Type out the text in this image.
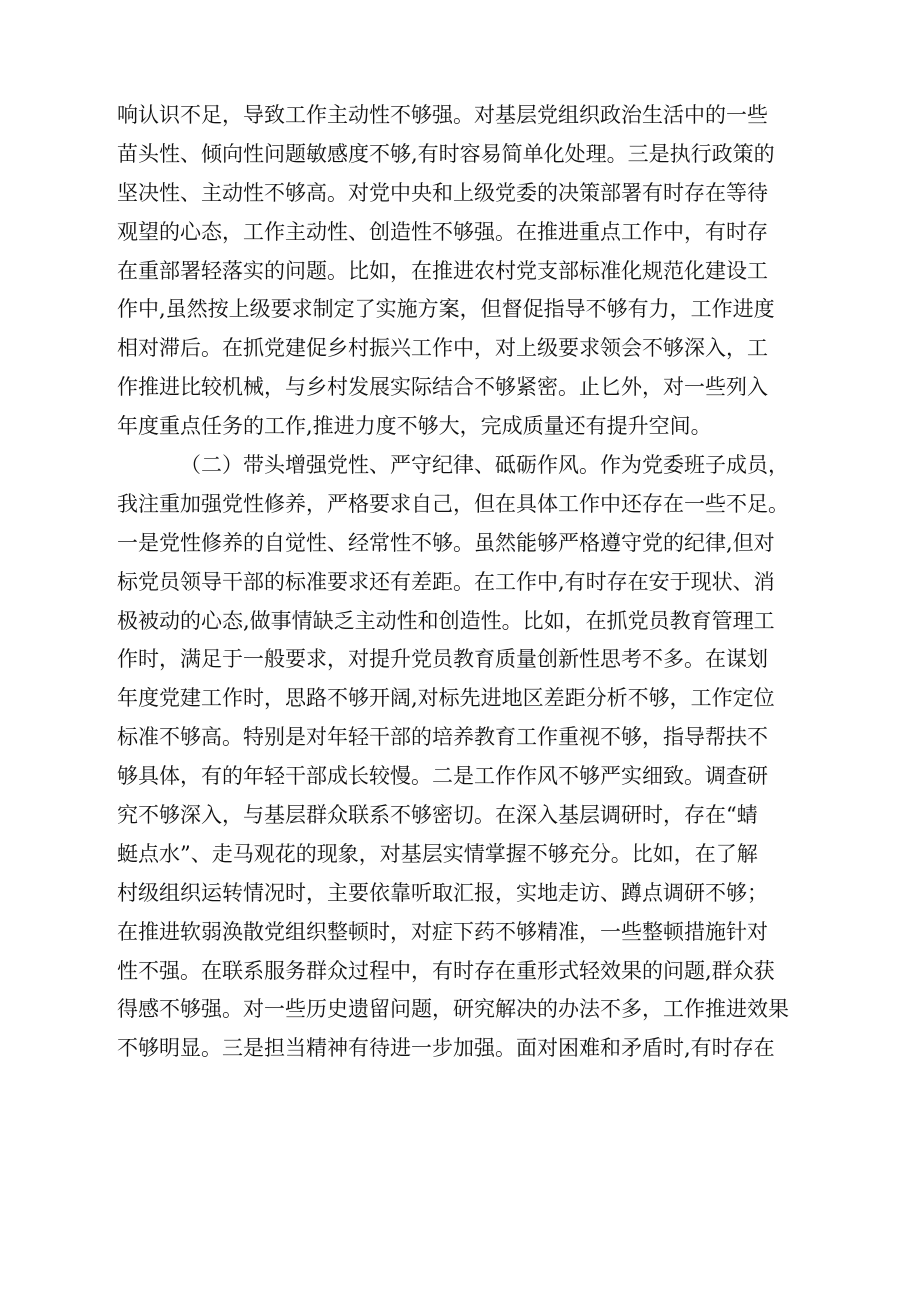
响认识不足，导致工作主动性不够强。对基层党组织政治生活中的一些
苗头性、倾向性问题敏感度不够,有时容易简单化处理。三是执行政策的
坚决性、主动性不够高。对党中央和上级党委的决策部署有时存在等待
观望的心态，工作主动性、创造性不够强。在推进重点工作中，有时存
在重部署轻落实的问题。比如，在推进农村党支部标准化规范化建设工
作中,虽然按上级要求制定了实施方案，但督促指导不够有力，工作进度
相对滞后。在抓党建促乡村振兴工作中，对上级要求领会不够深入，工
作推进比较机械，与乡村发展实际结合不够紧密。止匕外，对一些列入
年度重点任务的工作,推进力度不够大，完成质量还有提升空间。
（二）带头增强党性、严守纪律、砥砺作风。作为党委班子成员，
我注重加强党性修养，严格要求自己，但在具体工作中还存在一些不足。
一是党性修养的自觉性、经常性不够。虽然能够严格遵守党的纪律,但对
标党员领导干部的标准要求还有差距。在工作中,有时存在安于现状、消
极被动的心态,做事情缺乏主动性和创造性。比如，在抓党员教育管理工
作时，满足于一般要求，对提升党员教育质量创新性思考不多。在谋划
年度党建工作时，思路不够开阔,对标先进地区差距分析不够，工作定位
标准不够高。特别是对年轻干部的培养教育工作重视不够，指导帮扶不
够具体，有的年轻干部成长较慢。二是工作作风不够严实细致。调查研
究不够深入，与基层群众联系不够密切。在深入基层调研时，存在“蜻
蜓点水”、走马观花的现象，对基层实情掌握不够充分。比如，在了解
村级组织运转情况时，主要依靠听取汇报，实地走访、蹲点调研不够；
在推进软弱涣散党组织整顿时，对症下药不够精准，一些整顿措施针对
性不强。在联系服务群众过程中，有时存在重形式轻效果的问题,群众获
得感不够强。对一些历史遗留问题，研究解决的办法不多，工作推进效果
不够明显。三是担当精神有待进一步加强。面对困难和矛盾时,有时存在
